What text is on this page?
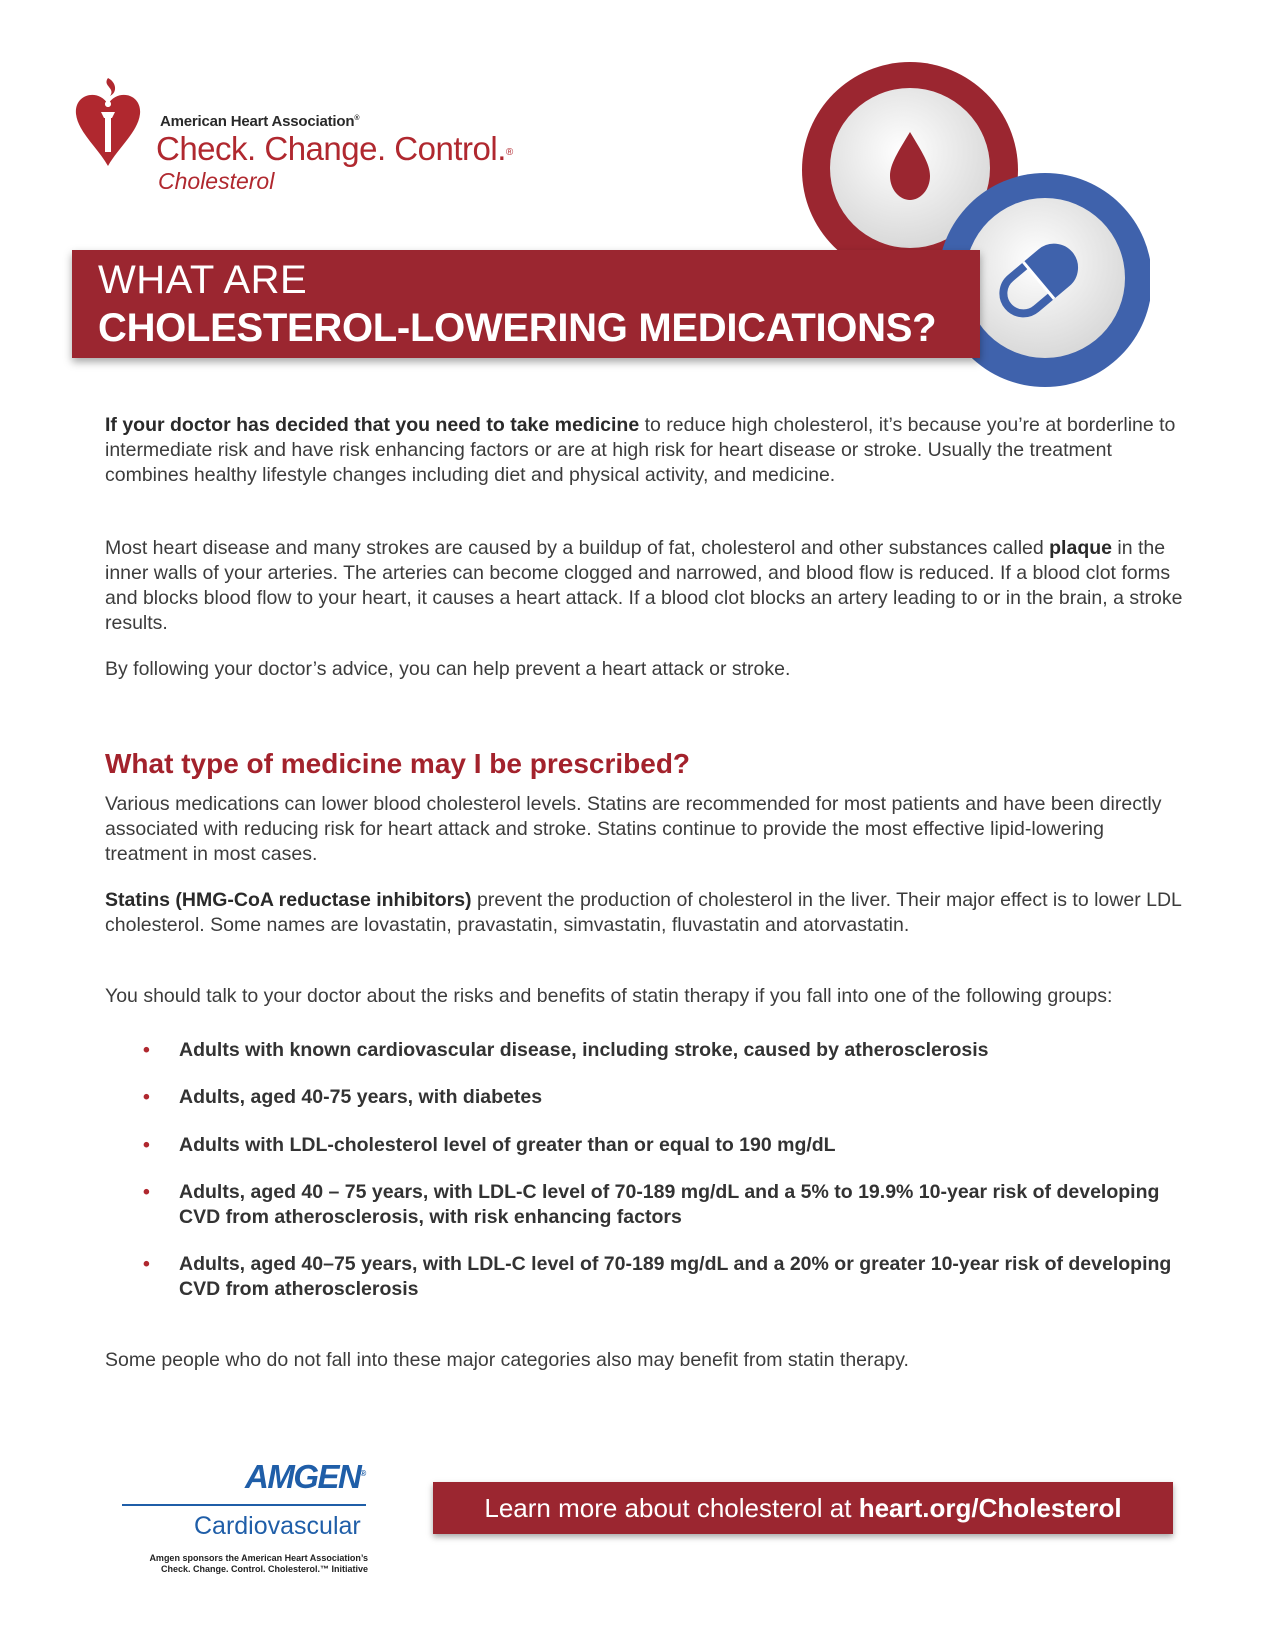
American Heart Association®
Check. Change. Control.®
Cholesterol
WHAT ARE
CHOLESTEROL-LOWERING MEDICATIONS?

If your doctor has decided that you need to take medicine to reduce high cholesterol, it’s because you’re at borderline to intermediate risk and have risk enhancing factors or are at high risk for heart disease or stroke. Usually the treatment combines healthy lifestyle changes including diet and physical activity, and medicine.

Most heart disease and many strokes are caused by a buildup of fat, cholesterol and other substances called plaque in the inner walls of your arteries. The arteries can become clogged and narrowed, and blood flow is reduced. If a blood clot forms and blocks blood flow to your heart, it causes a heart attack. If a blood clot blocks an artery leading to or in the brain, a stroke results.

By following your doctor’s advice, you can help prevent a heart attack or stroke.

What type of medicine may I be prescribed?

Various medications can lower blood cholesterol levels. Statins are recommended for most patients and have been directly associated with reducing risk for heart attack and stroke. Statins continue to provide the most effective lipid-lowering treatment in most cases.

Statins (HMG-CoA reductase inhibitors) prevent the production of cholesterol in the liver. Their major effect is to lower LDL cholesterol. Some names are lovastatin, pravastatin, simvastatin, fluvastatin and atorvastatin.

You should talk to your doctor about the risks and benefits of statin therapy if you fall into one of the following groups:

• Adults with known cardiovascular disease, including stroke, caused by atherosclerosis
• Adults, aged 40-75 years, with diabetes
• Adults with LDL-cholesterol level of greater than or equal to 190 mg/dL
• Adults, aged 40 – 75 years, with LDL-C level of 70-189 mg/dL and a 5% to 19.9% 10-year risk of developing CVD from atherosclerosis, with risk enhancing factors
• Adults, aged 40–75 years, with LDL-C level of 70-189 mg/dL and a 20% or greater 10-year risk of developing CVD from atherosclerosis

Some people who do not fall into these major categories also may benefit from statin therapy.

AMGEN®
Cardiovascular
Amgen sponsors the American Heart Association’s
Check. Change. Control. Cholesterol.™ Initiative
Learn more about cholesterol at heart.org/Cholesterol
